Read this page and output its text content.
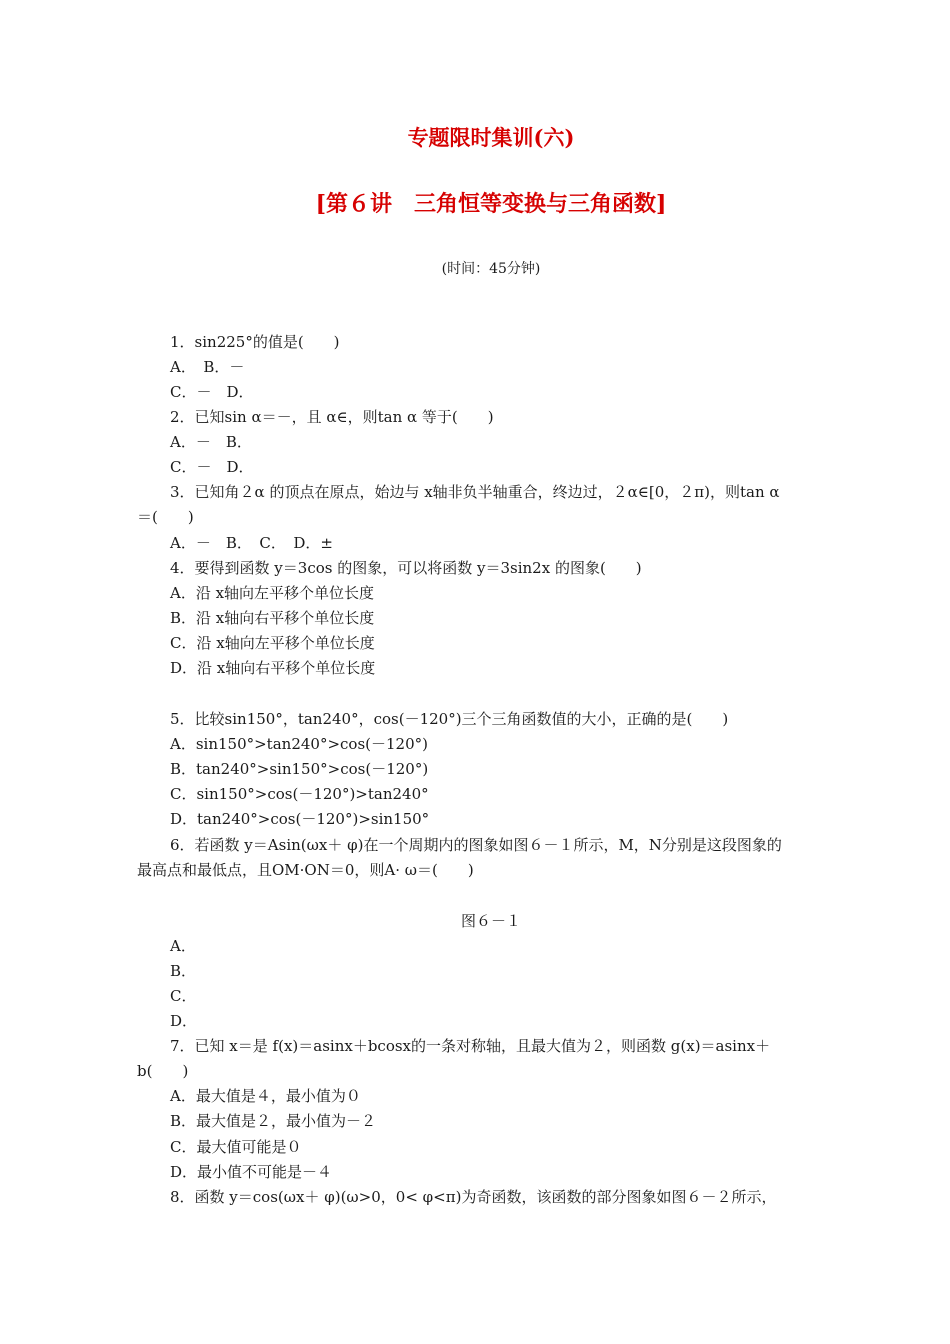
专题限时集训(六)
[第６讲　三角恒等变换与三角函数]
(时间：45分钟)
1．sin225°的值是(　　)
A．　B．－
C．－　D．
2．已知sin α＝－，且 α∈，则tan α 等于(　　)
A．－　B．
C．－　D．
3．已知角２α 的顶点在原点，始边与 x轴非负半轴重合，终边过，２α∈[0，２π)，则tan α
＝(　　)
A．－　B．　C．　D．±
4．要得到函数 y＝3cos 的图象，可以将函数 y＝3sin2x 的图象(　　)
A．沿 x轴向左平移个单位长度
B．沿 x轴向右平移个单位长度
C．沿 x轴向左平移个单位长度
D．沿 x轴向右平移个单位长度
5．比较sin150°，tan240°，cos(－120°)三个三角函数值的大小，正确的是(　　)
A．sin150°>tan240°>cos(－120°)
B．tan240°>sin150°>cos(－120°)
C．sin150°>cos(－120°)>tan240°
D．tan240°>cos(－120°)>sin150°
6．若函数 y＝Asin(ωx＋ φ)在一个周期内的图象如图６－１所示，M，N分别是这段图象的
最高点和最低点，且OM·ON＝0，则A· ω＝(　　)
图６－１
A．
B．
C．
D．
7．已知 x＝是 f(x)＝asinx＋bcosx的一条对称轴，且最大值为２，则函数 g(x)＝asinx＋
b(　　)
A．最大值是４，最小值为０
B．最大值是２，最小值为－２
C．最大值可能是０
D．最小值不可能是－４
8．函数 y＝cos(ωx＋ φ)(ω>0，0< φ<π)为奇函数，该函数的部分图象如图６－２所示，
